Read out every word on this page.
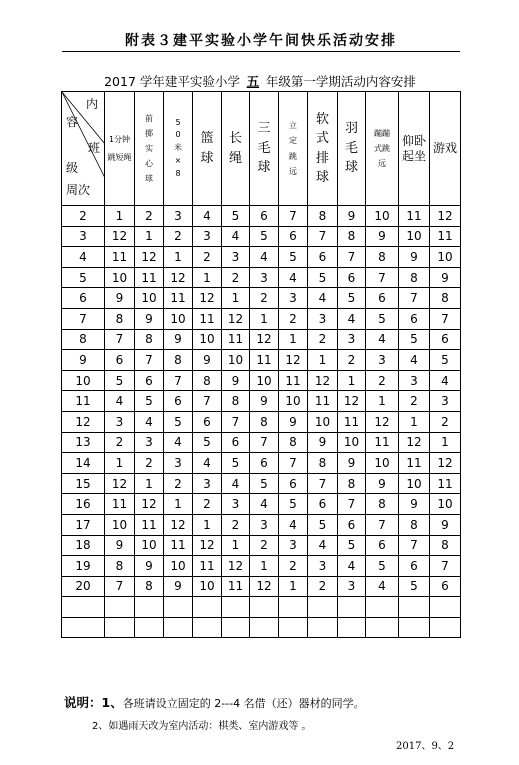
附表３建平实验小学午间快乐活动安排
2017 学年建平实验小学 五 年级第一学期活动内容安排
内
容
班
级
周次	1分钟跳短绳	前掷实心球	50米×8	篮球	长绳	三毛球	立定跳远	软式排球	羽毛球	蹦蹦式跳远	仰卧起坐	游戏
2	1	2	3	4	5	6	7	8	9	10	11	12
3	12	1	2	3	4	5	6	7	8	9	10	11
4	11	12	1	2	3	4	5	6	7	8	9	10
5	10	11	12	1	2	3	4	5	6	7	8	9
6	9	10	11	12	1	2	3	4	5	6	7	8
7	8	9	10	11	12	1	2	3	4	5	6	7
8	7	8	9	10	11	12	1	2	3	4	5	6
9	6	7	8	9	10	11	12	1	2	3	4	5
10	5	6	7	8	9	10	11	12	1	2	3	4
11	4	5	6	7	8	9	10	11	12	1	2	3
12	3	4	5	6	7	8	9	10	11	12	1	2
13	2	3	4	5	6	7	8	9	10	11	12	1
14	1	2	3	4	5	6	7	8	9	10	11	12
15	12	1	2	3	4	5	6	7	8	9	10	11
16	11	12	1	2	3	4	5	6	7	8	9	10
17	10	11	12	1	2	3	4	5	6	7	8	9
18	9	10	11	12	1	2	3	4	5	6	7	8
19	8	9	10	11	12	1	2	3	4	5	6	7
20	7	8	9	10	11	12	1	2	3	4	5	6

说明：1、各班请设立固定的 2---4 名借（还）器材的同学。
2、如遇雨天改为室内活动：棋类、室内游戏等 。
2017、9、2
